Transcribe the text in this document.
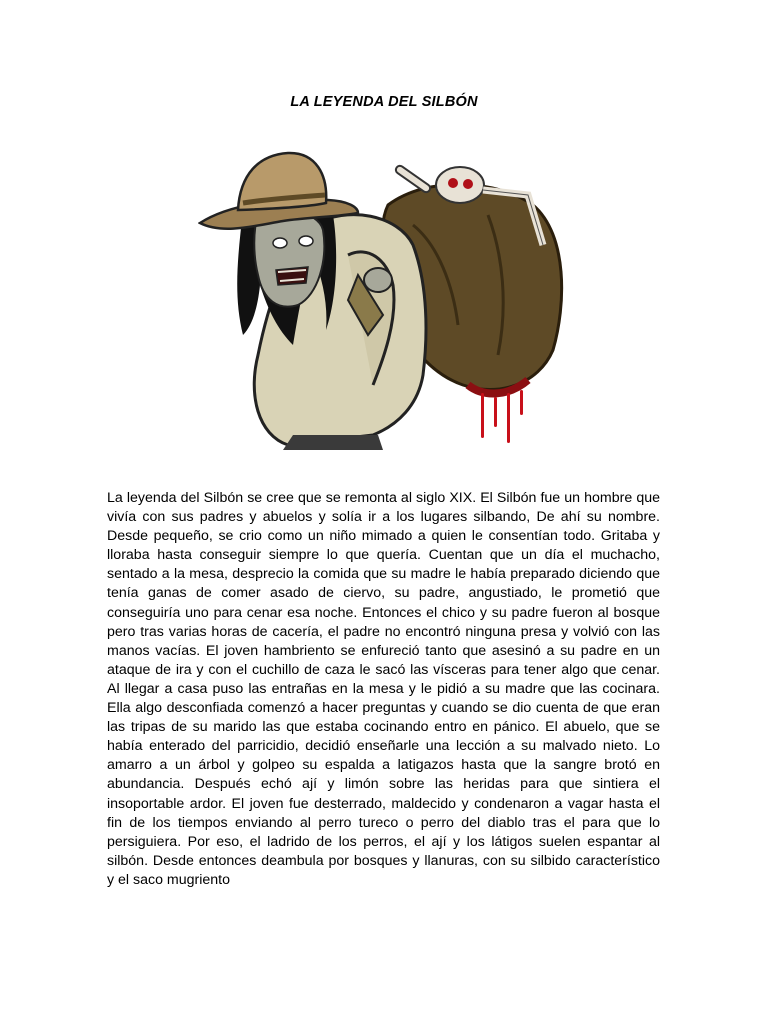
LA LEYENDA DEL SILBÓN
La leyenda del Silbón se cree que se remonta al siglo XIX. El Silbón fue un hombre que vivía con sus padres y abuelos y solía ir a los lugares silbando, De ahí su nombre. Desde pequeño, se crio como un niño mimado a quien le consentían todo. Gritaba y lloraba hasta conseguir siempre lo que quería. Cuentan que un día el muchacho, sentado a la mesa, desprecio la comida que su madre le había preparado diciendo que tenía ganas de comer asado de ciervo, su padre, angustiado, le prometió que conseguiría uno para cenar esa noche. Entonces el chico y su padre fueron al bosque pero tras varias horas de cacería, el padre no encontró ninguna presa y volvió con las manos vacías. El joven hambriento se enfureció tanto que asesinó a su padre en un ataque de ira y con el cuchillo de caza le sacó las vísceras para tener algo que cenar. Al llegar a casa puso las entrañas en la mesa y le pidió a su madre que las cocinara. Ella algo desconfiada comenzó a hacer preguntas y cuando se dio cuenta de que eran las tripas de su marido las que estaba cocinando entro en pánico. El abuelo, que se había enterado del parricidio, decidió enseñarle una lección a su malvado nieto. Lo amarro a un árbol y golpeo su espalda a latigazos hasta que la sangre brotó en abundancia. Después echó ají y limón sobre las heridas para que sintiera el insoportable ardor. El joven fue desterrado, maldecido y condenaron a vagar hasta el fin de los tiempos enviando al perro tureco o perro del diablo tras el para que lo persiguiera. Por eso, el ladrido de los perros, el ají y los látigos suelen espantar al silbón. Desde entonces deambula por bosques y llanuras, con su silbido característico y el saco mugriento
